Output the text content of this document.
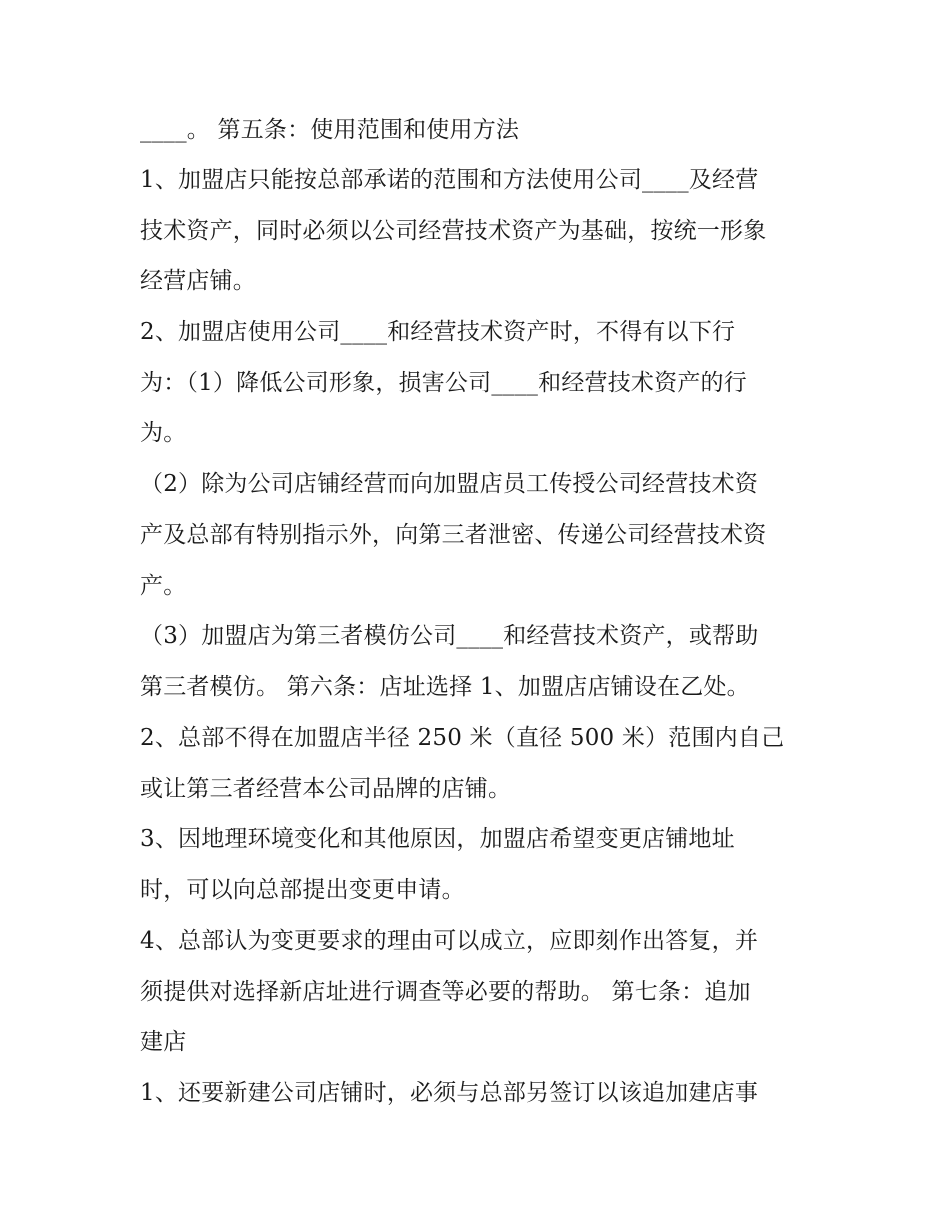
____。 第五条：使用范围和使用方法

1、加盟店只能按总部承诺的范围和方法使用公司____及经营

技术资产，同时必须以公司经营技术资产为基础，按统一形象

经营店铺。

2、加盟店使用公司____和经营技术资产时，不得有以下行

为：（1）降低公司形象，损害公司____和经营技术资产的行

为。

（2）除为公司店铺经营而向加盟店员工传授公司经营技术资

产及总部有特别指示外，向第三者泄密、传递公司经营技术资

产。

（3）加盟店为第三者模仿公司____和经营技术资产，或帮助

第三者模仿。 第六条：店址选择 1、加盟店店铺设在乙处。

2、总部不得在加盟店半径 250 米（直径 500 米）范围内自己

或让第三者经营本公司品牌的店铺。

3、因地理环境变化和其他原因，加盟店希望变更店铺地址

时，可以向总部提出变更申请。

4、总部认为变更要求的理由可以成立，应即刻作出答复，并

须提供对选择新店址进行调查等必要的帮助。 第七条：追加

建店

1、还要新建公司店铺时，必须与总部另签订以该追加建店事
